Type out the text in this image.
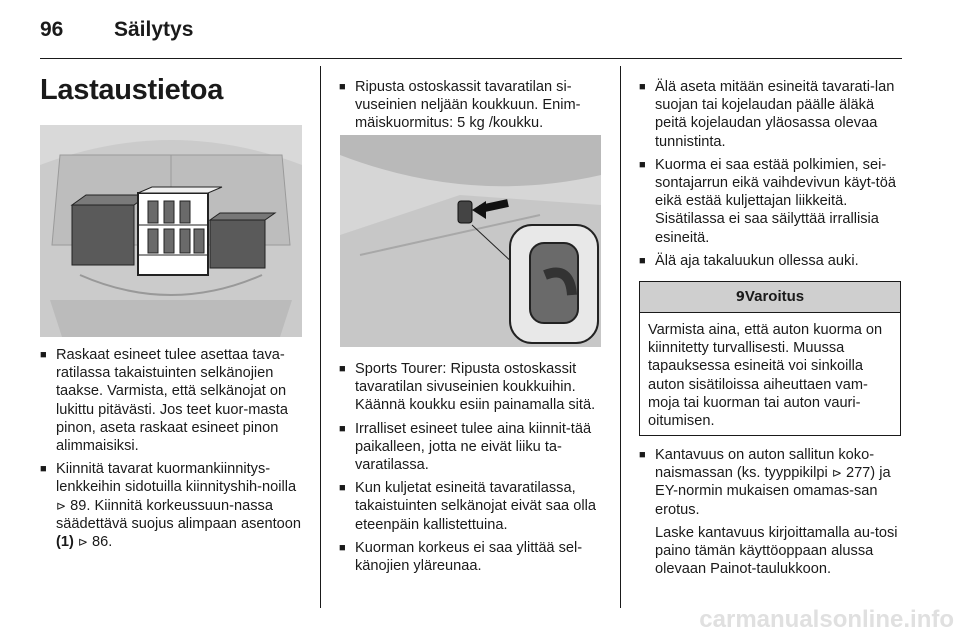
96 Säilytys
Lastaustietoa

■ Raskaat esineet tulee asettaa tava-ratilassa takaistuinten selkänojien taakse. Varmista, että selkänojat on lukittu pitävästi. Jos teet kuor-masta pinon, aseta raskaat esineet pinon alimmaisiksi.

■ Kiinnitä tavarat kuormankiinnitys-lenkkeihin sidotuilla kiinnityshih-noilla ⊳ 89. Kiinnitä korkeussuun-nassa säädettävä suojus alimpaan asentoon (1) ⊳ 86.

■ Ripusta ostoskassit tavaratilan si-vuseinien neljään koukkuun. Enim-mäiskuormitus: 5 kg /koukku.

■ Sports Tourer: Ripusta ostoskassit tavaratilan sivuseinien koukkuihin. Käännä koukku esiin painamalla sitä.

■ Irralliset esineet tulee aina kiinnit-tää paikalleen, jotta ne eivät liiku ta-varatilassa.

■ Kun kuljetat esineitä tavaratilassa, takaistuinten selkänojat eivät saa olla eteenpäin kallistettuina.

■ Kuorman korkeus ei saa ylittää sel-känojien yläreunaa.

■ Älä aseta mitään esineitä tavarati-lan suojan tai kojelaudan päälle äläkä peitä kojelaudan yläosassa olevaa tunnistinta.

■ Kuorma ei saa estää polkimien, sei-sontajarrun eikä vaihdevivun käyt-töä eikä estää kuljettajan liikkeitä. Sisätilassa ei saa säilyttää irrallisia esineitä.

■ Älä aja takaluukun ollessa auki.

9Varoitus
Varmista aina, että auton kuorma on kiinnitetty turvallisesti. Muussa tapauksessa esineitä voi sinkoilla auton sisätiloissa aiheuttaen vam-moja tai kuorman tai auton vauri-oitumisen.

■ Kantavuus on auton sallitun koko-naismassan (ks. tyyppikilpi ⊳ 277) ja EY-normin mukaisen omamas-san erotus.

Laske kantavuus kirjoittamalla au-tosi paino tämän käyttöoppaan alussa olevaan Painot-taulukkoon.

carmanualsonline.info
